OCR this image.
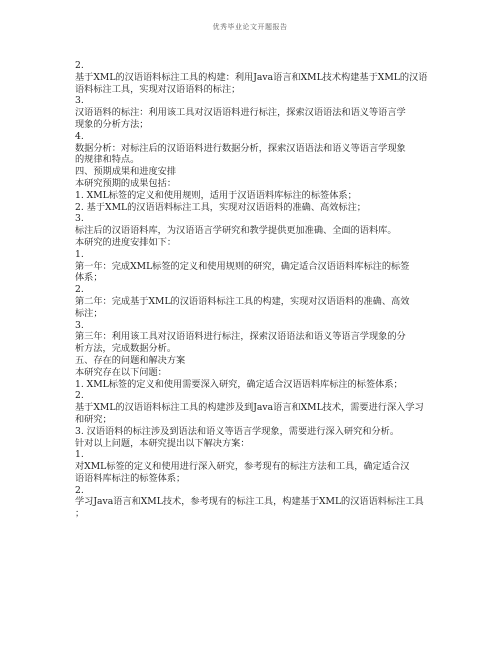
优秀毕业论文开题报告
2.
基于XML的汉语语料标注工具的构建：利用Java语言和XML技术构建基于XML的汉语
语料标注工具，实现对汉语语料的标注；
3.
汉语语料的标注：利用该工具对汉语语料进行标注，探索汉语语法和语义等语言学
现象的分析方法；
4.
数据分析：对标注后的汉语语料进行数据分析，探索汉语语法和语义等语言学现象
的规律和特点。
四、预期成果和进度安排
本研究预期的成果包括：
1. XML标签的定义和使用规则，适用于汉语语料库标注的标签体系；
2. 基于XML的汉语语料标注工具，实现对汉语语料的准确、高效标注；
3.
标注后的汉语语料库，为汉语语言学研究和教学提供更加准确、全面的语料库。
本研究的进度安排如下：
1.
第一年：完成XML标签的定义和使用规则的研究，确定适合汉语语料库标注的标签
体系；
2.
第二年：完成基于XML的汉语语料标注工具的构建，实现对汉语语料的准确、高效
标注；
3.
第三年：利用该工具对汉语语料进行标注，探索汉语语法和语义等语言学现象的分
析方法，完成数据分析。
五、存在的问题和解决方案
本研究存在以下问题：
1. XML标签的定义和使用需要深入研究，确定适合汉语语料库标注的标签体系；
2.
基于XML的汉语语料标注工具的构建涉及到Java语言和XML技术，需要进行深入学习
和研究；
3. 汉语语料的标注涉及到语法和语义等语言学现象，需要进行深入研究和分析。
针对以上问题，本研究提出以下解决方案：
1.
对XML标签的定义和使用进行深入研究，参考现有的标注方法和工具，确定适合汉
语语料库标注的标签体系；
2.
学习Java语言和XML技术，参考现有的标注工具，构建基于XML的汉语语料标注工具
；
